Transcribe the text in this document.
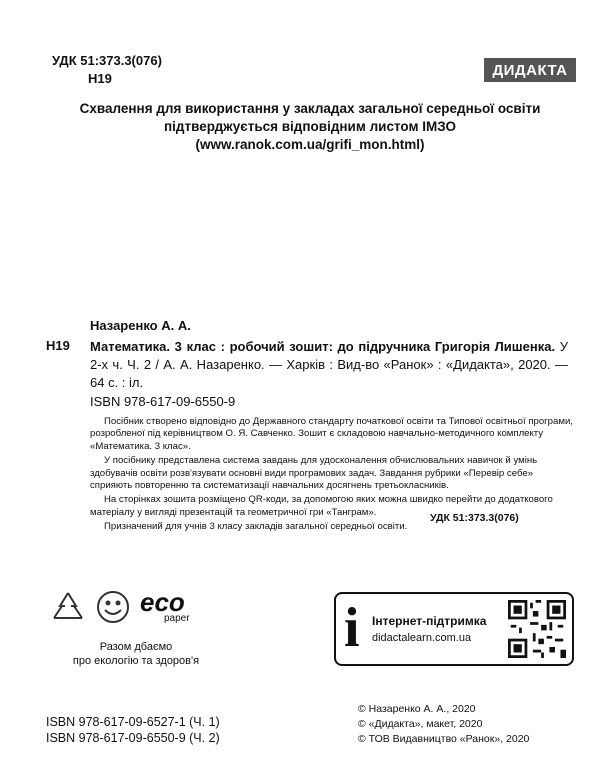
УДК 51:373.3(076)
Н19	ДИДАКТА
Схвалення для використання у закладах загальної середньої освіти
підтверджується відповідним листом ІМЗО
(www.ranok.com.ua/grifi_mon.html)
Назаренко А. А.
Н19 Математика. 3 клас : робочий зошит: до підручника Григорія Лишенка. У 2-х ч. Ч. 2 / А. А. Назаренко. — Харків : Вид-во «Ранок» : «Дидакта», 2020. — 64 с. : іл.
ISBN 978-617-09-6550-9

Посібник створено відповідно до Державного стандарту початкової освіти та Типової освітньої програми, розробленої під керівництвом О. Я. Савченко. Зошит є складовою навчально-методичного комплекту «Математика. 3 клас».

У посібнику представлена система завдань для удосконалення обчислювальних навичок й умінь здобувачів освіти розв'язувати основні види програмових задач. Завдання рубрики «Перевір себе» сприяють повторенню та систематизації навчальних досягнень третьокласників.

На сторінках зошита розміщено QR-коди, за допомогою яких можна швидко перейти до додаткового матеріалу у вигляді презентацій та геометричної гри «Танграм».

Призначений для учнів 3 класу закладів загальної середньої освіти.

УДК 51:373.3(076)
eco
paper
Разом дбаємо
про екологію та здоров'я
i Інтернет-підтримка
didactalearn.com.ua
ISBN 978-617-09-6527-1 (Ч. 1)
ISBN 978-617-09-6550-9 (Ч. 2)
© Назаренко А. А., 2020
© «Дидакта», макет, 2020
© ТОВ Видавництво «Ранок», 2020
